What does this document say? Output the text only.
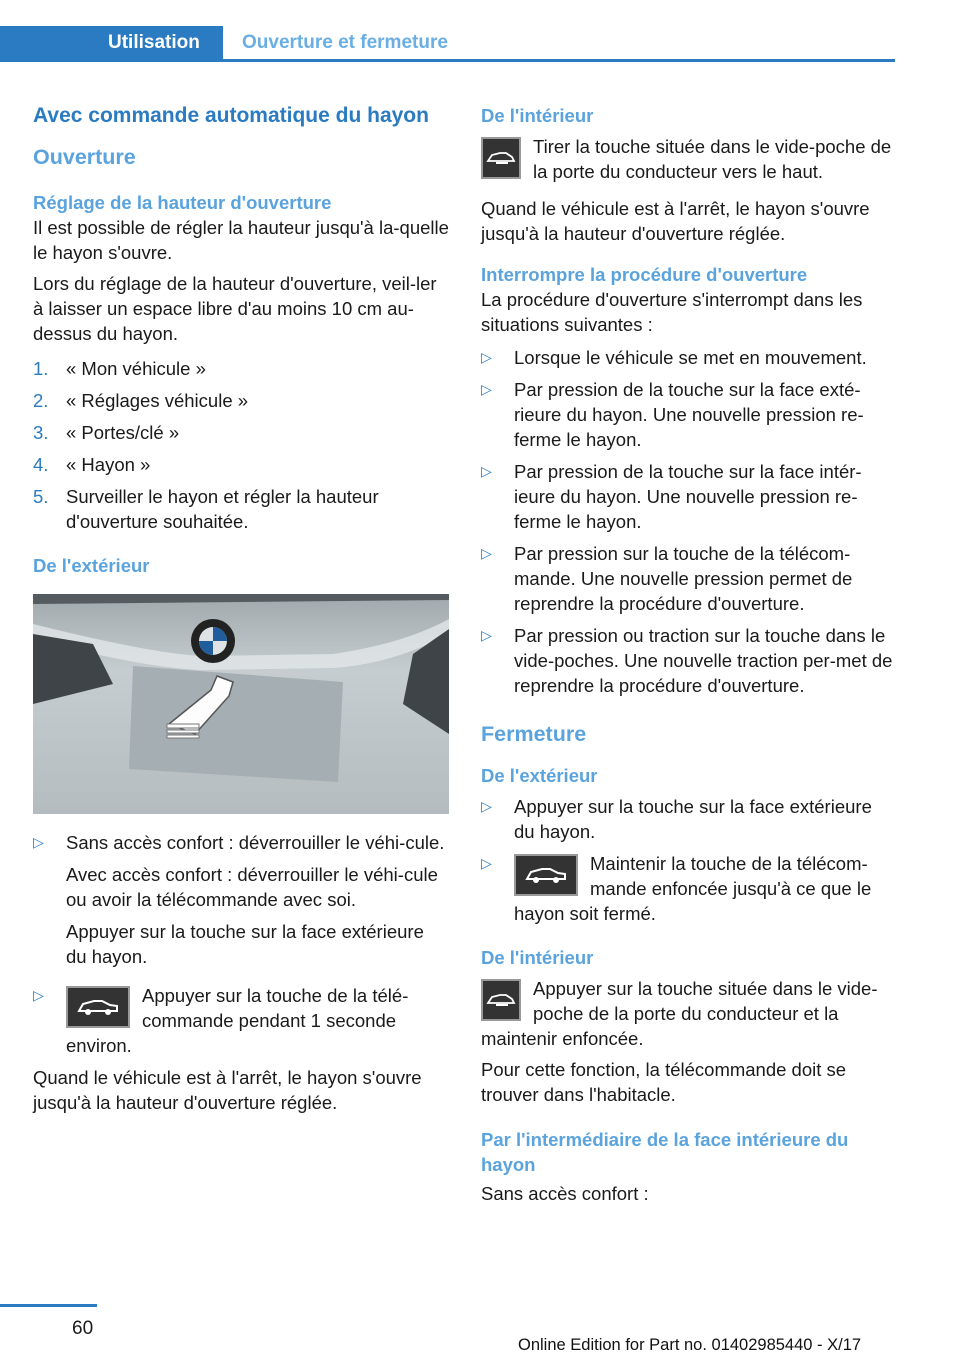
Utilisation	Ouverture et fermeture
Avec commande automatique du hayon
Ouverture
Réglage de la hauteur d'ouverture

Il est possible de régler la hauteur jusqu'à la-quelle le hayon s'ouvre.

Lors du réglage de la hauteur d'ouverture, veil-ler à laisser un espace libre d'au moins 10 cm au-dessus du hayon.

1. « Mon véhicule »
2. « Réglages véhicule »
3. « Portes/clé »
4. « Hayon »
5. Surveiller le hayon et régler la hauteur d'ouverture souhaitée.
De l'extérieur
▷ Sans accès confort : déverrouiller le véhi-cule.

Avec accès confort : déverrouiller le véhi-cule ou avoir la télécommande avec soi.

Appuyer sur la touche sur la face extérieure du hayon.

▷	Appuyer sur la touche de la télé-commande pendant 1 seconde environ.

Quand le véhicule est à l'arrêt, le hayon s'ouvre jusqu'à la hauteur d'ouverture réglée.

De l'intérieur
Tirer la touche située dans le vide-poche de la porte du conducteur vers le haut.

Quand le véhicule est à l'arrêt, le hayon s'ouvre jusqu'à la hauteur d'ouverture réglée.

Interrompre la procédure d'ouverture

La procédure d'ouverture s'interrompt dans les situations suivantes :

▷ Lorsque le véhicule se met en mouvement.
▷ Par pression de la touche sur la face exté-rieure du hayon. Une nouvelle pression re-ferme le hayon.
▷ Par pression de la touche sur la face intér-ieure du hayon. Une nouvelle pression re-ferme le hayon.
▷ Par pression sur la touche de la télécom-mande. Une nouvelle pression permet de reprendre la procédure d'ouverture.
▷ Par pression ou traction sur la touche dans le vide-poches. Une nouvelle traction per-met de reprendre la procédure d'ouverture.
Fermeture
De l'extérieur
▷ Appuyer sur la touche sur la face extérieure du hayon.
▷	Maintenir la touche de la télécom-mande enfoncée jusqu'à ce que le hayon soit fermé.
De l'intérieur
Appuyer sur la touche située dans le vide-poche de la porte du conducteur et la maintenir enfoncée.

Pour cette fonction, la télécommande doit se trouver dans l'habitacle.

Par l'intermédiaire de la face intérieure du hayon

Sans accès confort :

60
Online Edition for Part no. 01402985440 - X/17
